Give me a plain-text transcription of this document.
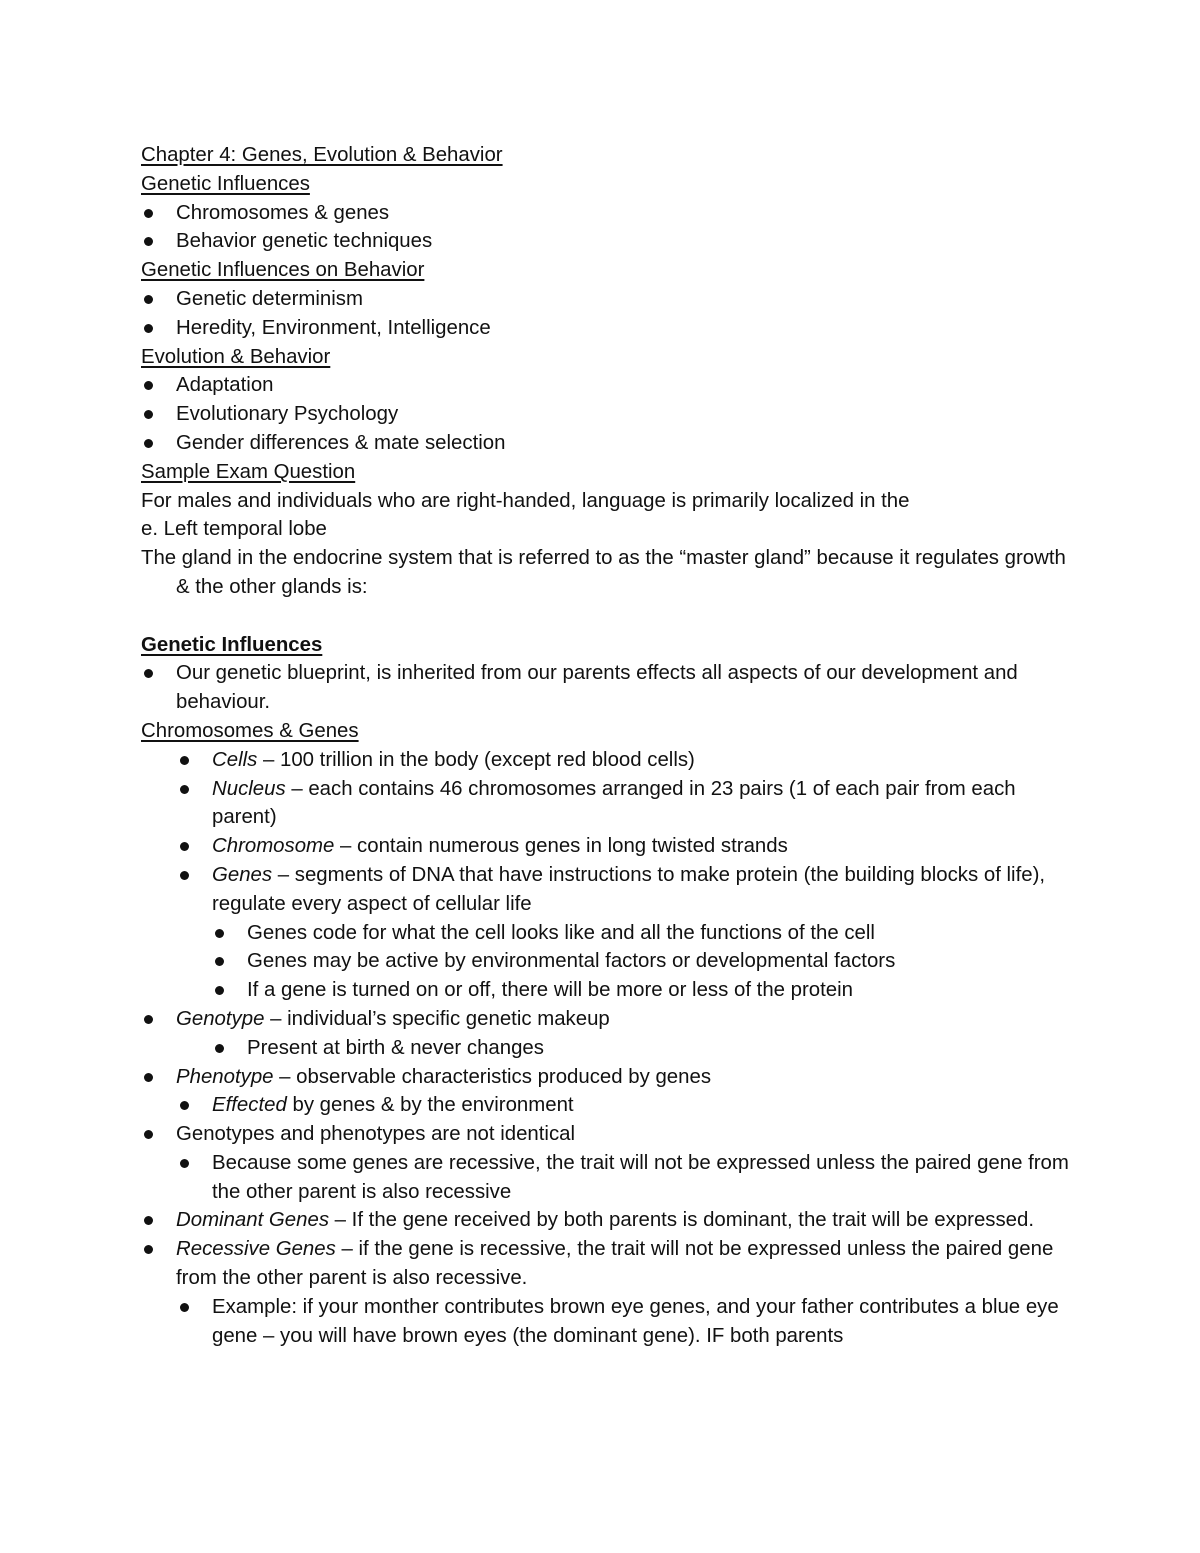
Chapter 4: Genes, Evolution & Behavior
Genetic Influences
Chromosomes & genes
Behavior genetic techniques
Genetic Influences on Behavior
Genetic determinism
Heredity, Environment, Intelligence
Evolution & Behavior
Adaptation
Evolutionary Psychology
Gender differences & mate selection
Sample Exam Question
For males and individuals who are right-handed, language is primarily localized in the
e. Left temporal lobe
The gland in the endocrine system that is referred to as the “master gland” because it regulates growth & the other glands is:
Genetic Influences
Our genetic blueprint, is inherited from our parents effects all aspects of our development and behaviour.
Chromosomes & Genes
Cells – 100 trillion in the body (except red blood cells)
Nucleus – each contains 46 chromosomes arranged in 23 pairs (1 of each pair from each parent)
Chromosome – contain numerous genes in long twisted strands
Genes – segments of DNA that have instructions to make protein (the building blocks of life), regulate every aspect of cellular life
Genes code for what the cell looks like and all the functions of the cell
Genes may be active by environmental factors or developmental factors
If a gene is turned on or off, there will be more or less of the protein
Genotype – individual’s specific genetic makeup
Present at birth & never changes
Phenotype – observable characteristics produced by genes
Effected by genes & by the environment
Genotypes and phenotypes are not identical
Because some genes are recessive, the trait will not be expressed unless the paired gene from the other parent is also recessive
Dominant Genes – If the gene received by both parents is dominant, the trait will be expressed.
Recessive Genes – if the gene is recessive, the trait will not be expressed unless the paired gene from the other parent is also recessive.
Example: if your monther contributes brown eye genes, and your father contributes a blue eye gene – you will have brown eyes (the dominant gene). IF both parents
